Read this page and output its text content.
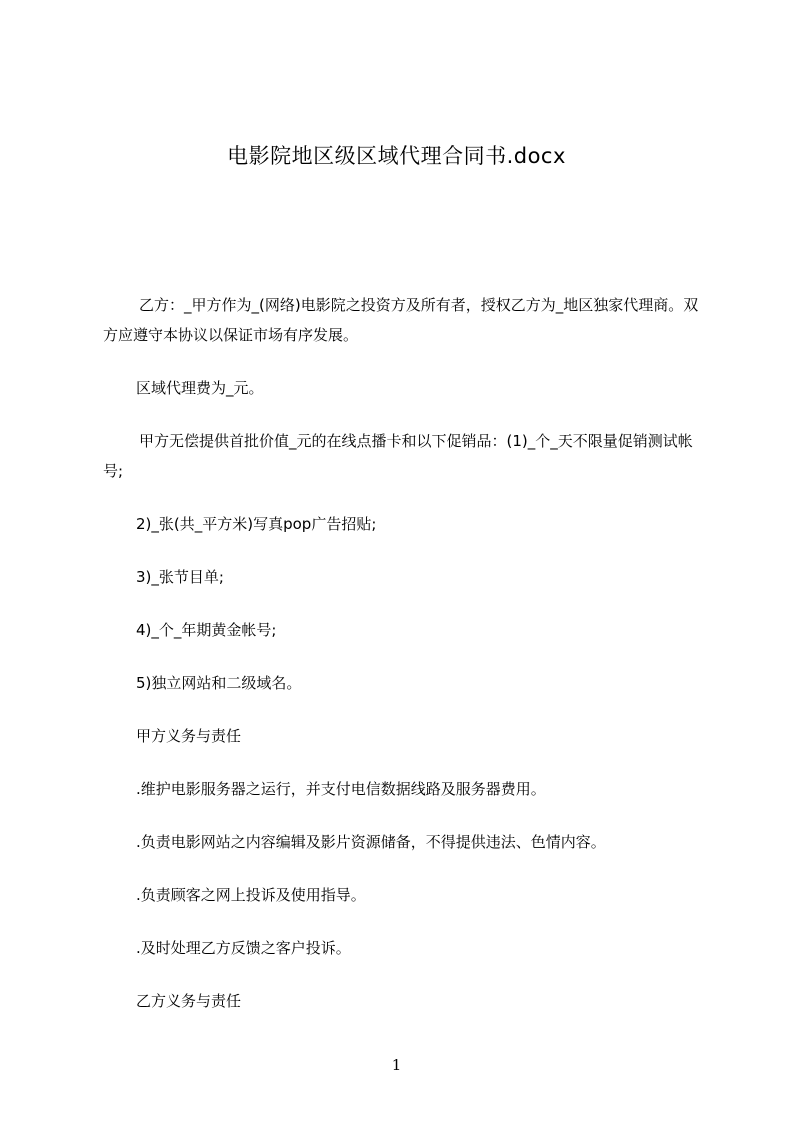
电影院地区级区域代理合同书.docx

乙方：_甲方作为_(网络)电影院之投资方及所有者，授权乙方为_地区独家代理商。双方应遵守本协议以保证市场有序发展。

区域代理费为_元。

甲方无偿提供首批价值_元的在线点播卡和以下促销品：(1)_个_天不限量促销测试帐号;

2)_张(共_平方米)写真pop广告招贴;

3)_张节目单;

4)_个_年期黄金帐号;

5)独立网站和二级域名。

甲方义务与责任

.维护电影服务器之运行，并支付电信数据线路及服务器费用。

.负责电影网站之内容编辑及影片资源储备，不得提供违法、色情内容。

.负责顾客之网上投诉及使用指导。

.及时处理乙方反馈之客户投诉。

乙方义务与责任

1
